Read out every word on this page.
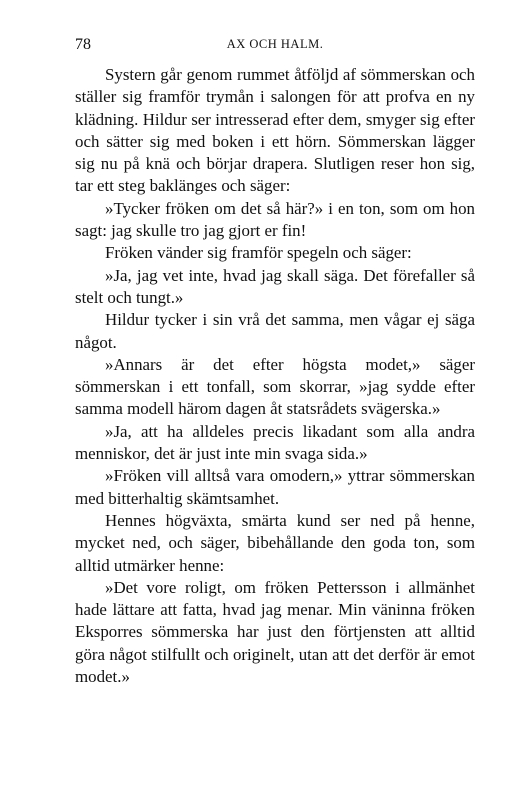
78	AX OCH HALM.

Systern går genom rummet åtföljd af sömmerskan och ställer sig framför trymån i salongen för att profva en ny klädning. Hildur ser intresserad efter dem, smyger sig efter och sätter sig med boken i ett hörn. Sömmerskan lägger sig nu på knä och börjar drapera. Slutligen reser hon sig, tar ett steg baklänges och säger:

»Tycker fröken om det så här?» i en ton, som om hon sagt: jag skulle tro jag gjort er fin!

Fröken vänder sig framför spegeln och säger:

»Ja, jag vet inte, hvad jag skall säga. Det förefaller så stelt och tungt.»

Hildur tycker i sin vrå det samma, men vågar ej säga något.

»Annars är det efter högsta modet,» säger sömmerskan i ett tonfall, som skorrar, »jag sydde efter samma modell härom dagen åt statsrådets svägerska.»

»Ja, att ha alldeles precis likadant som alla andra menniskor, det är just inte min svaga sida.»

»Fröken vill alltså vara omodern,» yttrar sömmerskan med bitterhaltig skämtsamhet.

Hennes högväxta, smärta kund ser ned på henne, mycket ned, och säger, bibehållande den goda ton, som alltid utmärker henne:

»Det vore roligt, om fröken Pettersson i allmänhet hade lättare att fatta, hvad jag menar. Min väninna fröken Eksporres sömmerska har just den förtjensten att alltid göra något stilfullt och originelt, utan att det derför är emot modet.»
